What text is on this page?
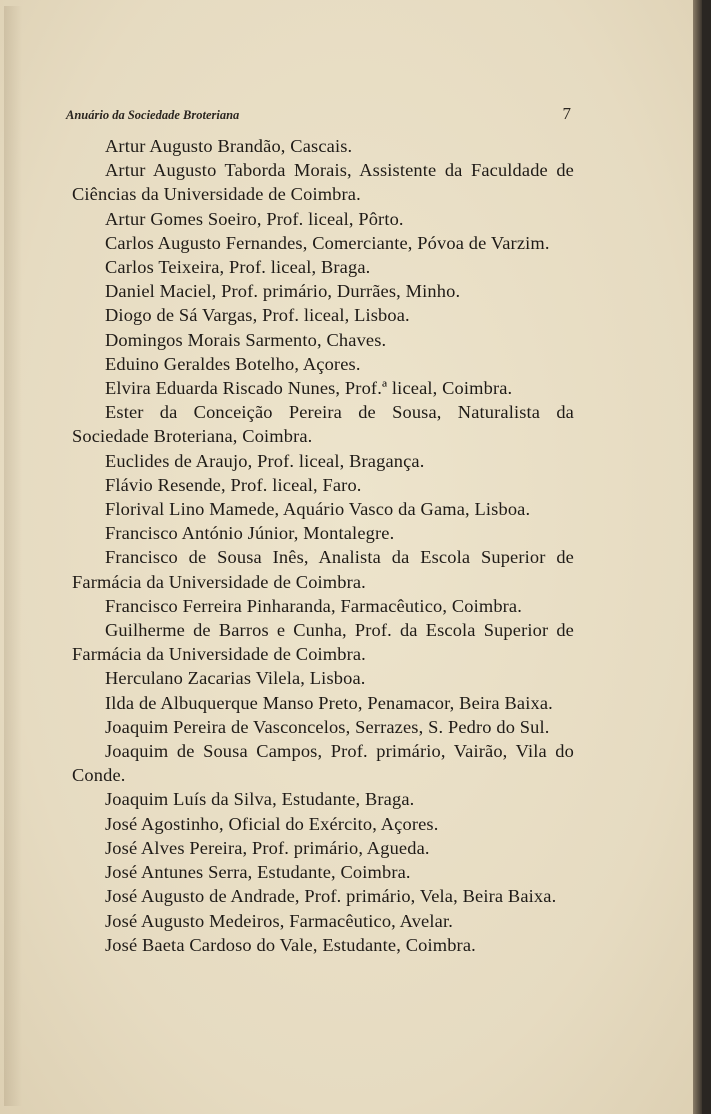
Anuário da Sociedade Broteriana	7
Artur Augusto Brandão, Cascais.
Artur Augusto Taborda Morais, Assistente da Faculdade de Ciências da Universidade de Coimbra.
Artur Gomes Soeiro, Prof. liceal, Pôrto.
Carlos Augusto Fernandes, Comerciante, Póvoa de Varzim.
Carlos Teixeira, Prof. liceal, Braga.
Daniel Maciel, Prof. primário, Durrães, Minho.
Diogo de Sá Vargas, Prof. liceal, Lisboa.
Domingos Morais Sarmento, Chaves.
Eduino Geraldes Botelho, Açores.
Elvira Eduarda Riscado Nunes, Prof.ª liceal, Coimbra.
Ester da Conceição Pereira de Sousa, Naturalista da Sociedade Broteriana, Coimbra.
Euclides de Araujo, Prof. liceal, Bragança.
Flávio Resende, Prof. liceal, Faro.
Florival Lino Mamede, Aquário Vasco da Gama, Lisboa.
Francisco António Júnior, Montalegre.
Francisco de Sousa Inês, Analista da Escola Superior de Farmácia da Universidade de Coimbra.
Francisco Ferreira Pinharanda, Farmacêutico, Coimbra.
Guilherme de Barros e Cunha, Prof. da Escola Superior de Farmácia da Universidade de Coimbra.
Herculano Zacarias Vilela, Lisboa.
Ilda de Albuquerque Manso Preto, Penamacor, Beira Baixa.
Joaquim Pereira de Vasconcelos, Serrazes, S. Pedro do Sul.
Joaquim de Sousa Campos, Prof. primário, Vairão, Vila do Conde.
Joaquim Luís da Silva, Estudante, Braga.
José Agostinho, Oficial do Exército, Açores.
José Alves Pereira, Prof. primário, Agueda.
José Antunes Serra, Estudante, Coimbra.
José Augusto de Andrade, Prof. primário, Vela, Beira Baixa.
José Augusto Medeiros, Farmacêutico, Avelar.
José Baeta Cardoso do Vale, Estudante, Coimbra.
